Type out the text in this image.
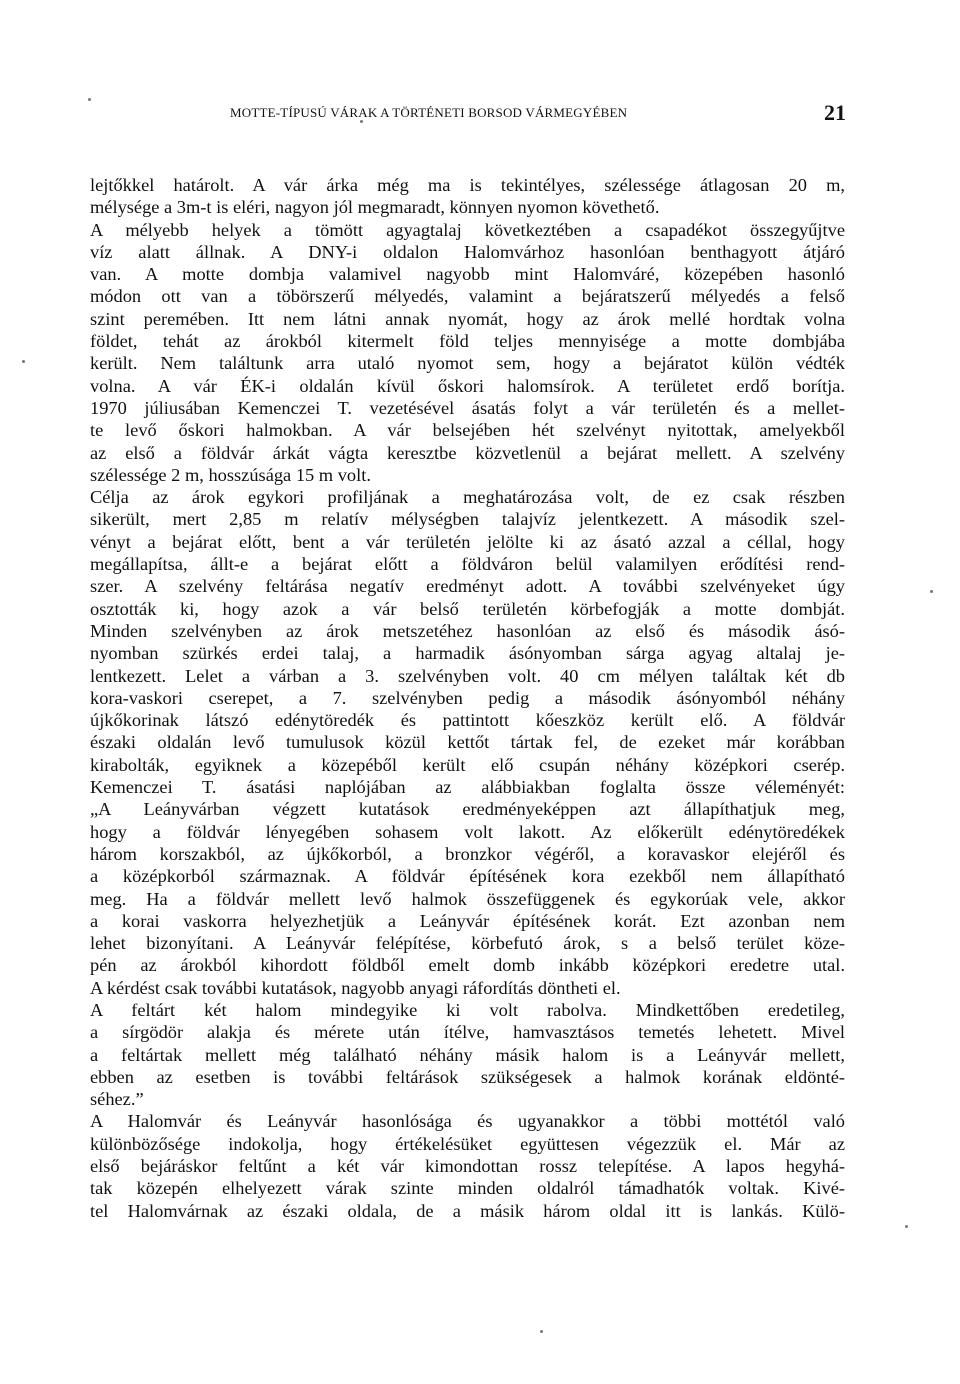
MOTTE-TÍPUSÚ VÁRAK A TÖRTÉNETI BORSOD VÁRMEGYÉBEN	21
lejtőkkel határolt. A vár árka még ma is tekintélyes, szélessége átlagosan 20 m,
mélysége a 3m-t is eléri, nagyon jól megmaradt, könnyen nyomon követhető.
A mélyebb helyek a tömött agyagtalaj következtében a csapadékot összegyűjtve
víz alatt állnak. A DNY-i oldalon Halomvárhoz hasonlóan benthagyott átjáró
van. A motte dombja valamivel nagyobb mint Halomváré, közepében hasonló
módon ott van a töbörszerű mélyedés, valamint a bejáratszerű mélyedés a felső
szint peremében. Itt nem látni annak nyomát, hogy az árok mellé hordtak volna
földet, tehát az árokból kitermelt föld teljes mennyisége a motte dombjába
került. Nem találtunk arra utaló nyomot sem, hogy a bejáratot külön védték
volna. A vár ÉK-i oldalán kívül őskori halomsírok. A területet erdő borítja.
1970 júliusában Kemenczei T. vezetésével ásatás folyt a vár területén és a mellet-
te levő őskori halmokban. A vár belsejében hét szelvényt nyitottak, amelyekből
az első a földvár árkát vágta keresztbe közvetlenül a bejárat mellett. A szelvény
szélessége 2 m, hosszúsága 15 m volt.
Célja az árok egykori profiljának a meghatározása volt, de ez csak részben
sikerült, mert 2,85 m relatív mélységben talajvíz jelentkezett. A második szel-
vényt a bejárat előtt, bent a vár területén jelölte ki az ásató azzal a céllal, hogy
megállapítsa, állt-e a bejárat előtt a földváron belül valamilyen erődítési rend-
szer. A szelvény feltárása negatív eredményt adott. A további szelvényeket úgy
osztották ki, hogy azok a vár belső területén körbefogják a motte dombját.
Minden szelvényben az árok metszetéhez hasonlóan az első és második ásó-
nyomban szürkés erdei talaj, a harmadik ásónyomban sárga agyag altalaj je-
lentkezett. Lelet a várban a 3. szelvényben volt. 40 cm mélyen találtak két db
kora-vaskori cserepet, a 7. szelvényben pedig a második ásónyomból néhány
újkőkorinak látszó edénytöredék és pattintott kőeszköz került elő. A földvár
északi oldalán levő tumulusok közül kettőt tártak fel, de ezeket már korábban
kirabolták, egyiknek a közepéből került elő csupán néhány középkori cserép.
Kemenczei T. ásatási naplójában az alábbiakban foglalta össze véleményét:
„A Leányvárban végzett kutatások eredményeképpen azt állapíthatjuk meg,
hogy a földvár lényegében sohasem volt lakott. Az előkerült edénytöredékek
három korszakból, az újkőkorból, a bronzkor végéről, a koravaskor elejéről és
a középkorból származnak. A földvár építésének kora ezekből nem állapítható
meg. Ha a földvár mellett levő halmok összefüggenek és egykorúak vele, akkor
a korai vaskorra helyezhetjük a Leányvár építésének korát. Ezt azonban nem
lehet bizonyítani. A Leányvár felépítése, körbefutó árok, s a belső terület köze-
pén az árokból kihordott földből emelt domb inkább középkori eredetre utal.
A kérdést csak további kutatások, nagyobb anyagi ráfordítás döntheti el.
A feltárt két halom mindegyike ki volt rabolva. Mindkettőben eredetileg,
a sírgödör alakja és mérete után ítélve, hamvasztásos temetés lehetett. Mivel
a feltártak mellett még található néhány másik halom is a Leányvár mellett,
ebben az esetben is további feltárások szükségesek a halmok korának eldönté-
séhez.”
A Halomvár és Leányvár hasonlósága és ugyanakkor a többi mottétól való
különbözősége indokolja, hogy értékelésüket együttesen végezzük el. Már az
első bejáráskor feltűnt a két vár kimondottan rossz telepítése. A lapos hegyhá-
tak közepén elhelyezett várak szinte minden oldalról támadhatók voltak. Kivé-
tel Halomvárnak az északi oldala, de a másik három oldal itt is lankás. Külö-
